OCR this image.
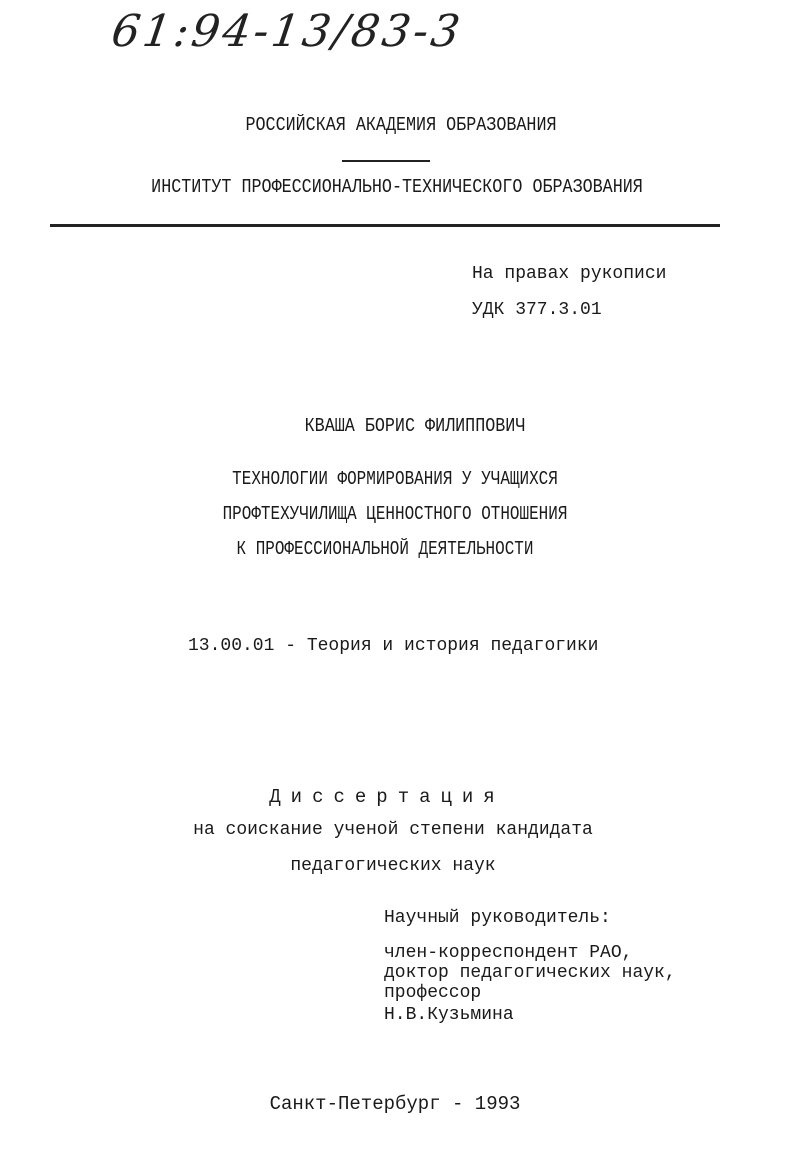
61:94-13/83-3
РОССИЙСКАЯ АКАДЕМИЯ ОБРАЗОВАНИЯ
ИНСТИТУТ ПРОФЕССИОНАЛЬНО-ТЕХНИЧЕСКОГО ОБРАЗОВАНИЯ
На правах рукописи
УДК 377.3.01
КВАША БОРИС ФИЛИППОВИЧ
ТЕХНОЛОГИИ ФОРМИРОВАНИЯ У УЧАЩИХСЯ
ПРОФТЕХУЧИЛИЩА ЦЕННОСТНОГО ОТНОШЕНИЯ
К ПРОФЕССИОНАЛЬНОЙ ДЕЯТЕЛЬНОСТИ
13.00.01 - Теория и история педагогики
Диссертация
на соискание ученой степени кандидата
педагогических наук
Научный руководитель:
член-корреспондент РАО,
доктор педагогических наук,
профессор
Н.В.Кузьмина
Санкт-Петербург - 1993
